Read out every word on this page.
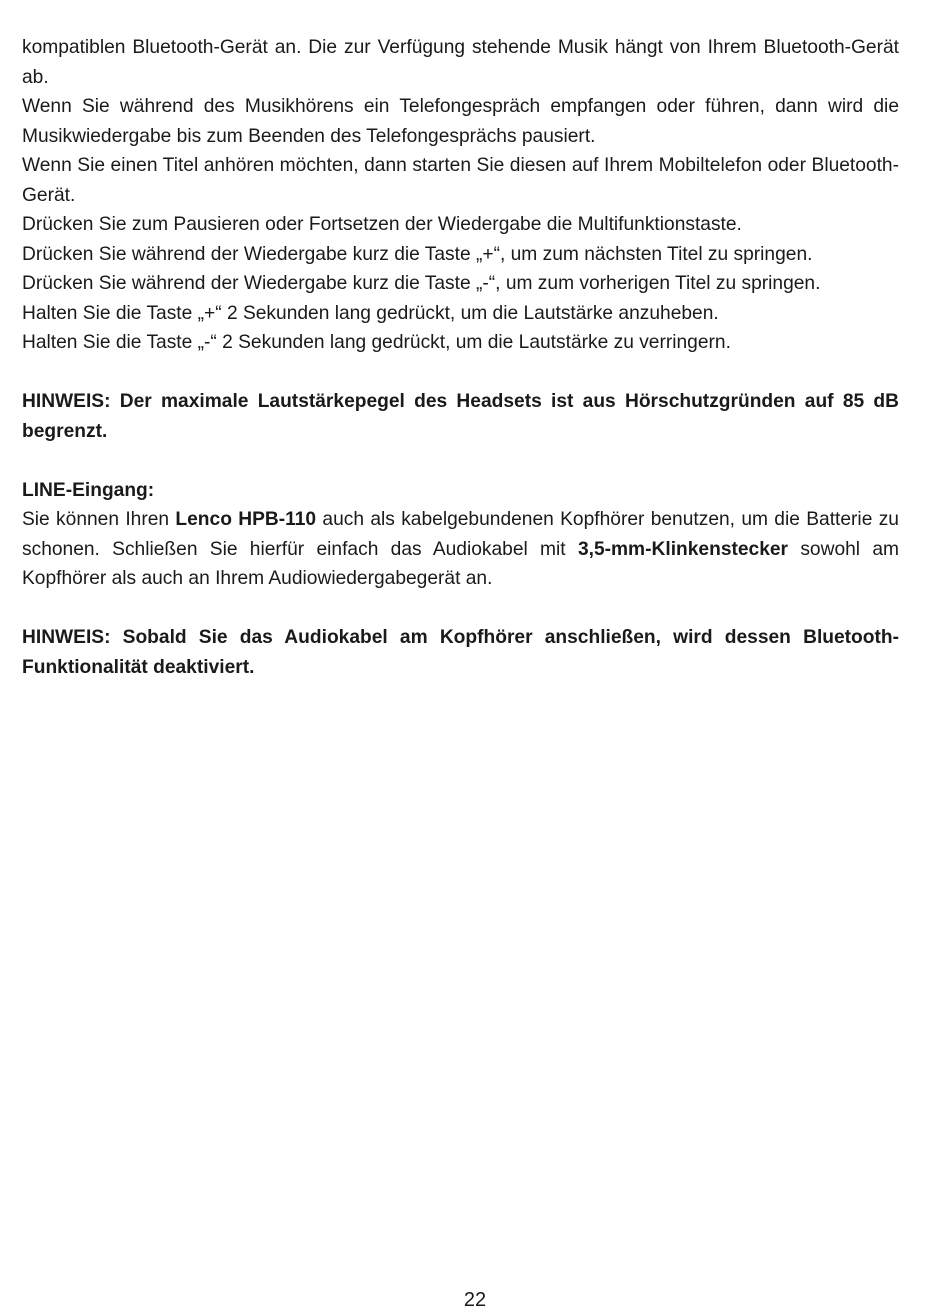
kompatiblen Bluetooth-Gerät an. Die zur Verfügung stehende Musik hängt von Ihrem Bluetooth-Gerät ab.

Wenn Sie während des Musikhörens ein Telefongespräch empfangen oder führen, dann wird die Musikwiedergabe bis zum Beenden des Telefongesprächs pausiert.

Wenn Sie einen Titel anhören möchten, dann starten Sie diesen auf Ihrem Mobiltelefon oder Bluetooth-Gerät.

Drücken Sie zum Pausieren oder Fortsetzen der Wiedergabe die Multifunktionstaste.

Drücken Sie während der Wiedergabe kurz die Taste „+“, um zum nächsten Titel zu springen.

Drücken Sie während der Wiedergabe kurz die Taste „-“, um zum vorherigen Titel zu springen.

Halten Sie die Taste „+“ 2 Sekunden lang gedrückt, um die Lautstärke anzuheben.

Halten Sie die Taste „-“ 2 Sekunden lang gedrückt, um die Lautstärke zu verringern.

HINWEIS: Der maximale Lautstärkepegel des Headsets ist aus Hörschutzgründen auf 85 dB begrenzt.

LINE-Eingang:

Sie können Ihren Lenco HPB-110 auch als kabelgebundenen Kopfhörer benutzen, um die Batterie zu schonen. Schließen Sie hierfür einfach das Audiokabel mit 3,5-mm-Klinkenstecker sowohl am Kopfhörer als auch an Ihrem Audiowiedergabegerät an.

HINWEIS: Sobald Sie das Audiokabel am Kopfhörer anschließen, wird dessen Bluetooth-Funktionalität deaktiviert.

22
